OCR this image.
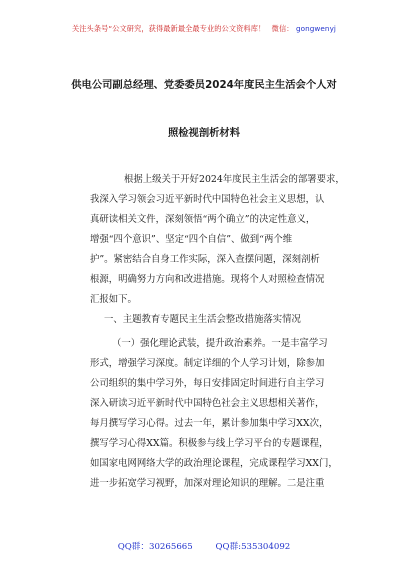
关注头条号“公文研究，获得最新最全最专业的公文资料库！ 微信： gongwenyj
供电公司副总经理、党委委员2024年度民主生活会个人对
照检视剖析材料
根据上级关于开好2024年度民主生活会的部署要求，
我深入学习领会习近平新时代中国特色社会主义思想，认
真研读相关文件，深刻领悟“两个确立”的决定性意义，
增强“四个意识”、坚定“四个自信”、做到“两个维
护”。紧密结合自身工作实际，深入查摆问题，深刻剖析
根源，明确努力方向和改进措施。现将个人对照检查情况
汇报如下。
一、主题教育专题民主生活会整改措施落实情况
（一）强化理论武装，提升政治素养。一是丰富学习
形式，增强学习深度。制定详细的个人学习计划，除参加
公司组织的集中学习外，每日安排固定时间进行自主学习
深入研读习近平新时代中国特色社会主义思想相关著作，
每月撰写学习心得。过去一年，累计参加集中学习XX次，
撰写学习心得XX篇。积极参与线上学习平台的专题课程，
如国家电网网络大学的政治理论课程，完成课程学习XX门，
进一步拓宽学习视野，加深对理论知识的理解。二是注重
QQ群：30265665	QQ群:535304092
